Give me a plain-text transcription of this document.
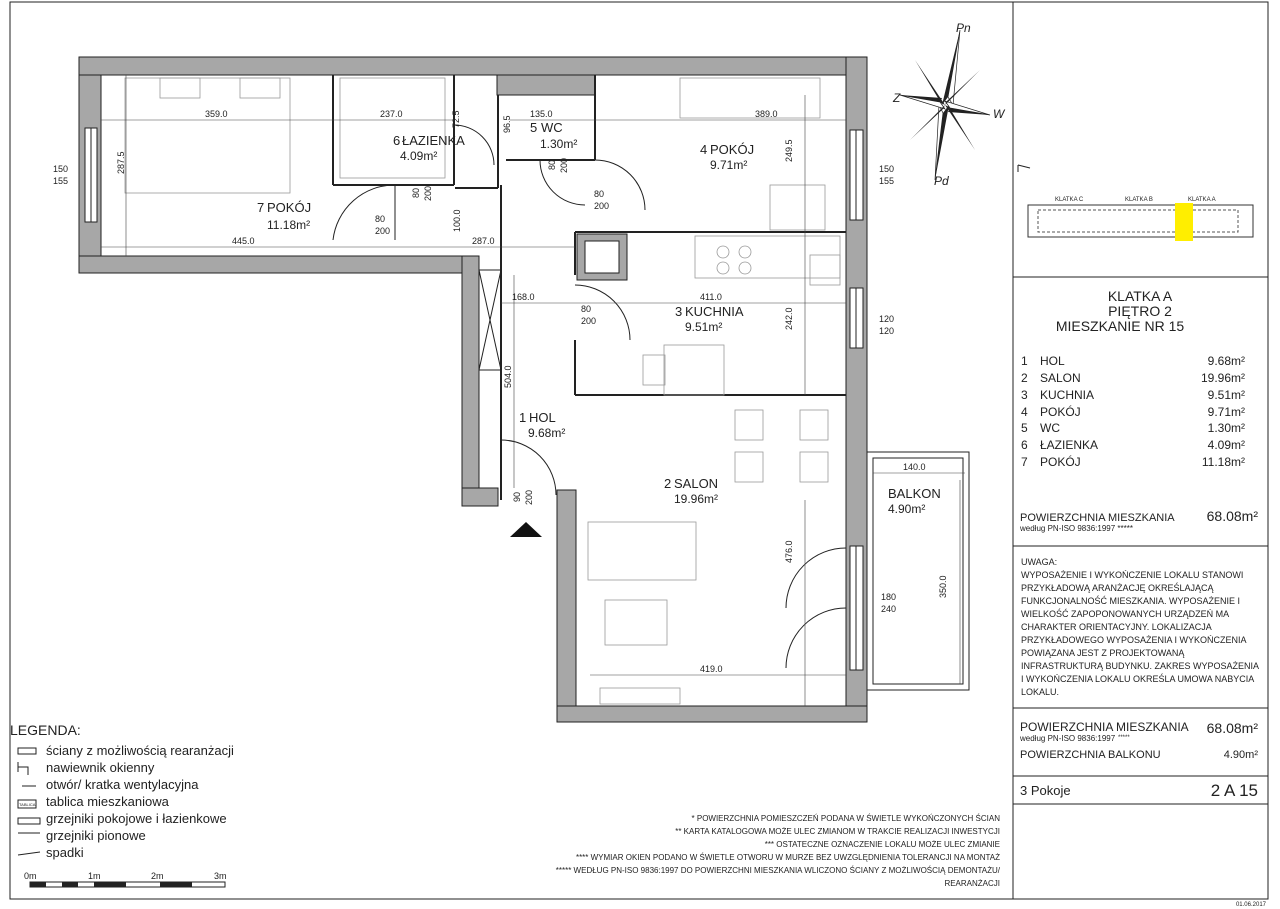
7 POKÓJ
11.18m²
6 ŁAZIENKA
4.09m²
5 WC
1.30m²	4 POKÓJ
9.71m²
3 KUCHNIA
9.51m²
1 HOL
9.68m²
2 SALON
19.96m²	BALKON
4.90m²
359.0	237.0	72.5	96.5
135.0	389.0
287.5
445.0
100.0
287.0
249.5
168.0	411.0
242.0
504.0
140.0
476.0
350.0
419.0
80
200
80 200
80 200
80
200
80
200
90 200
150
155
150
155
120
120
180
240
Pn
Pd
W
Z
KLATKA C	KLATKA B	KLATKA A
KLATKA A
PIĘTRO 2
MIESZKANIE NR 15
1 HOL	9.68m²
2 SALON	19.96m²
3 KUCHNIA	9.51m²
4 POKÓJ	9.71m²
5 WC	1.30m²
6 ŁAZIENKA	4.09m²
7 POKÓJ	11.18m²
POWIERZCHNIA MIESZKANIA 68.08m²
według PN-ISO 9836:1997 *****
UWAGA:
WYPOSAŻENIE I WYKOŃCZENIE LOKALU STANOWI
PRZYKŁADOWĄ ARANŻACJĘ OKREŚLAJĄCĄ
FUNKCJONALNOŚĆ MIESZKANIA. WYPOSAŻENIE I
WIELKOŚĆ ZAPOPONOWANYCH URZĄDZEŃ MA
CHARAKTER ORIENTACYJNY. LOKALIZACJA
PRZYKŁADOWEGO WYPOSAŻENIA I WYKOŃCZENIA
POWIĄZANA JEST Z PROJEKTOWANĄ
INFRASTRUKTURĄ BUDYNKU. ZAKRES WYPOSAŻENIA
I WYKOŃCZENIA LOKALU OKREŚLA UMOWA NABYCIA
LOKALU.
POWIERZCHNIA MIESZKANIA 68.08m²
według PN-ISO 9836:1997 *****
POWIERZCHNIA BALKONU	4.90m²
3 Pokoje	2 A 15
LEGENDA:
ściany z możliwością rearanżacji
nawiewnik okienny
otwór/ kratka wentylacyjna
tablica mieszkaniowa
grzejniki pokojowe i łazienkowe
grzejniki pionowe
spadki
TABLICA
0m	1m	2m	3m
* POWIERZCHNIA POMIESZCZEŃ PODANA W ŚWIETLE WYKOŃCZONYCH ŚCIAN
** KARTA KATALOGOWA MOŻE ULEC ZMIANOM W TRAKCIE REALIZACJI INWESTYCJI
*** OSTATECZNE OZNACZENIE LOKALU MOŻE ULEC ZMIANIE
**** WYMIAR OKIEN PODANO W ŚWIETLE OTWORU W MURZE BEZ UWZGLĘDNIENIA TOLERANCJI NA MONTAŻ
***** WEDŁUG PN-ISO 9836:1997 DO POWIERZCHNI MIESZKANIA WLICZONO ŚCIANY Z MOŻLIWOŚCIĄ DEMONTAŻU/
REARANŻACJI
01.06.2017
